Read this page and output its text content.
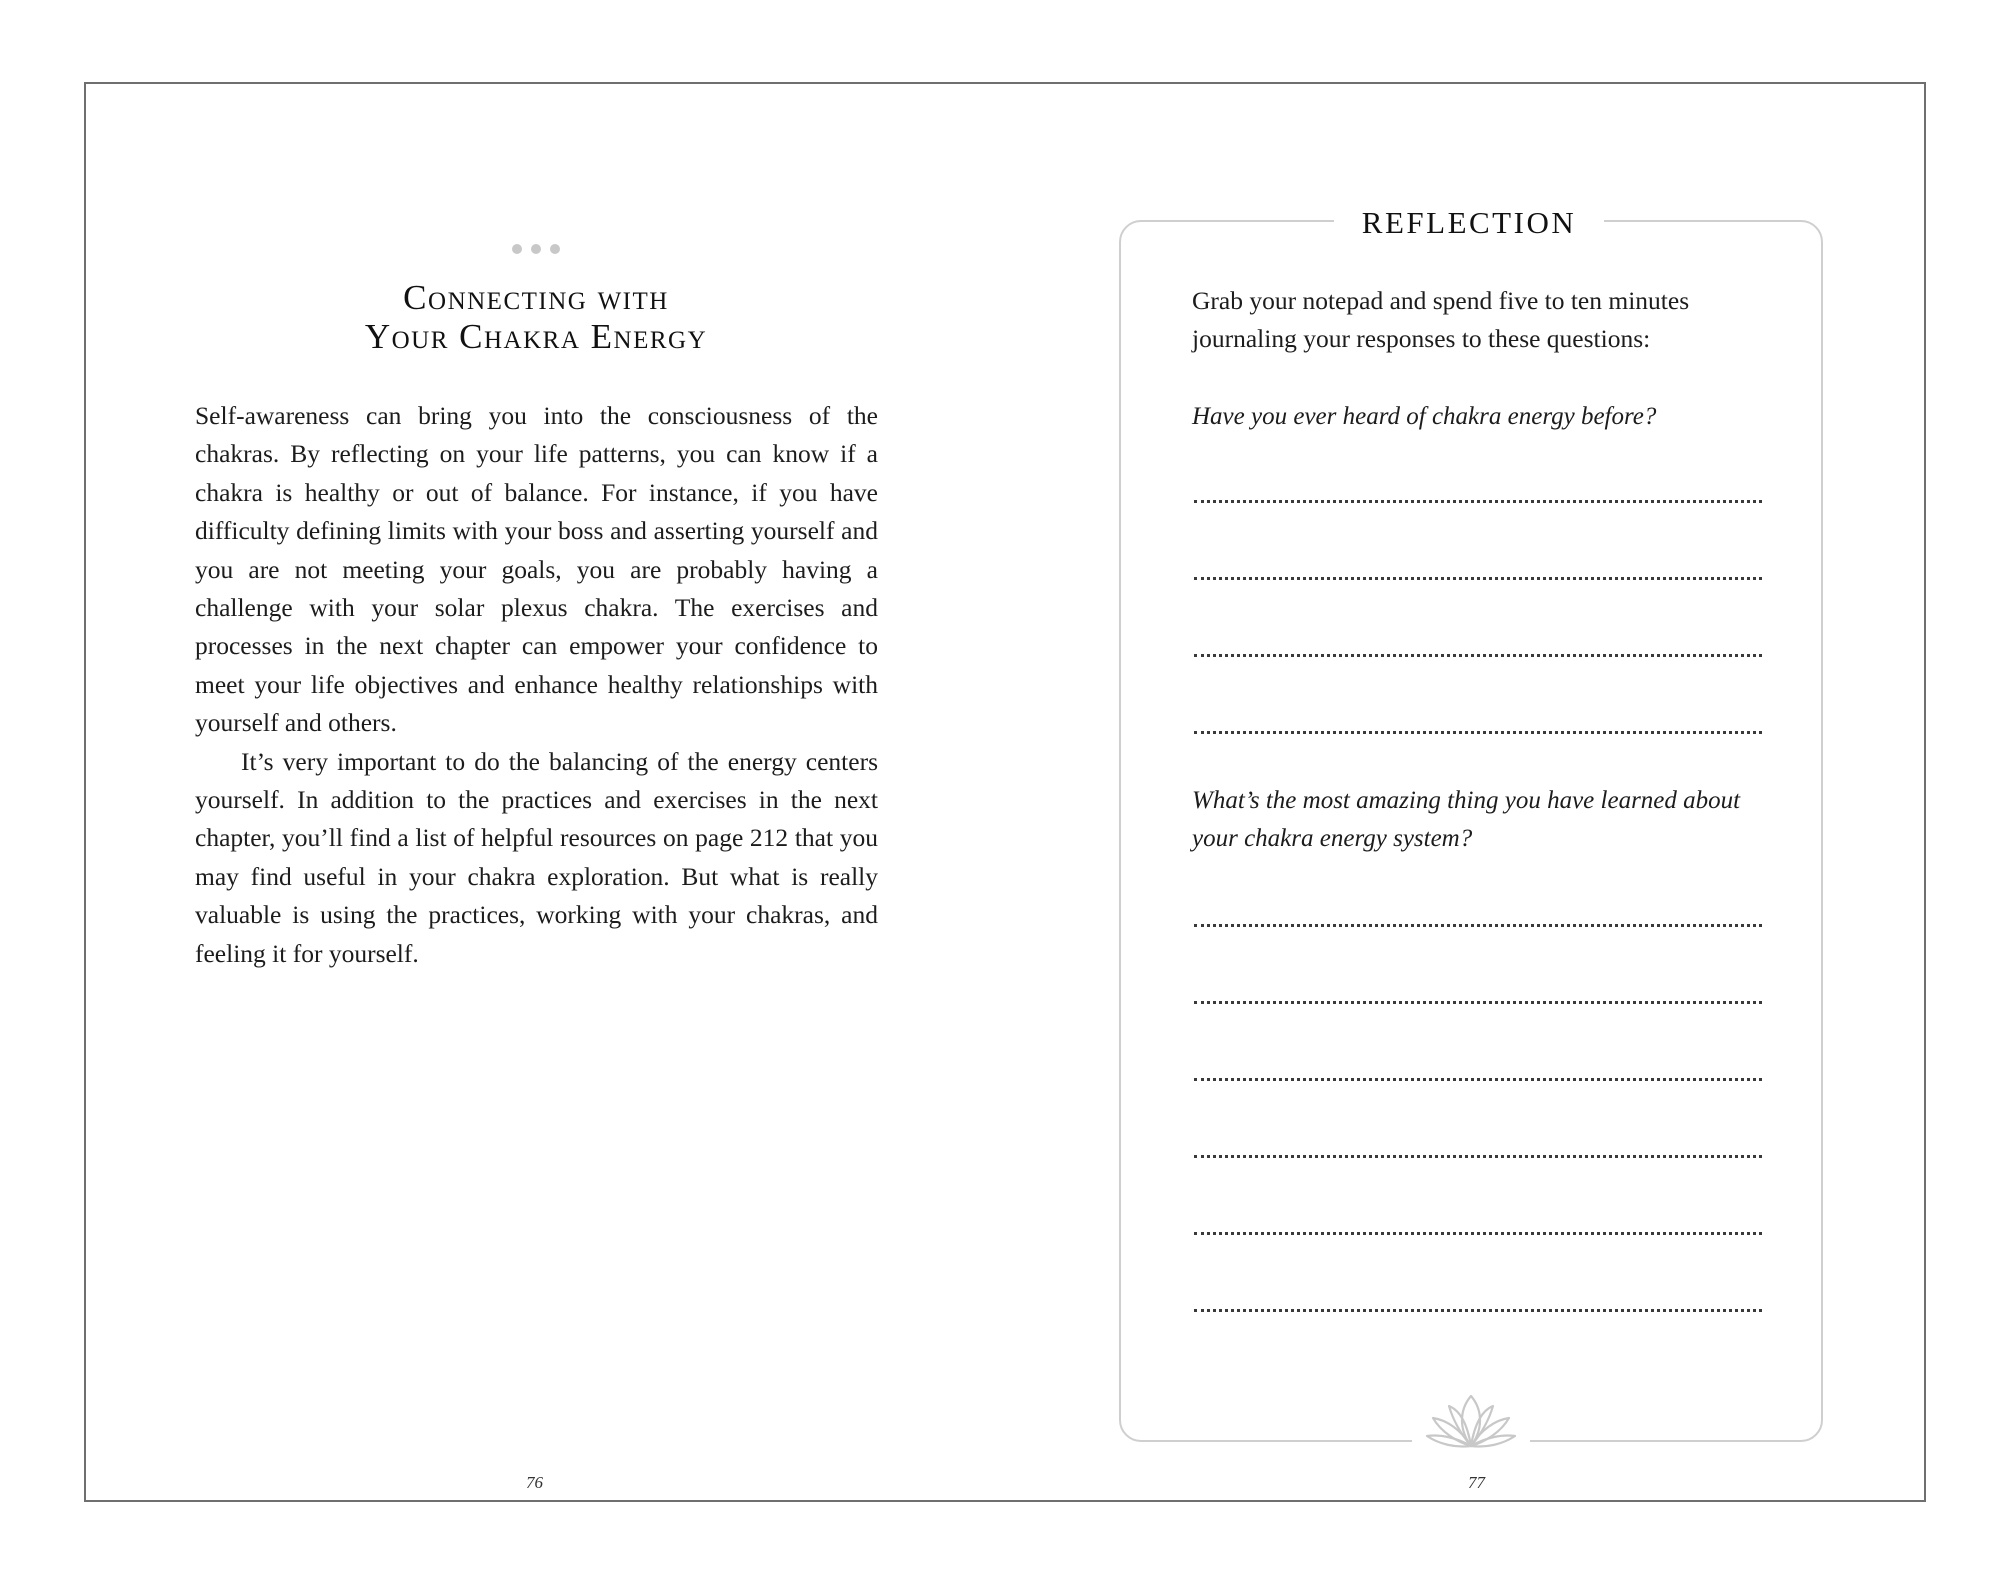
Connecting with
Your Chakra Energy

Self-awareness can bring you into the consciousness of the chakras. By reflecting on your life patterns, you can know if a chakra is healthy or out of balance. For instance, if you have difficulty defining limits with your boss and asserting yourself and you are not meeting your goals, you are probably having a challenge with your solar plexus chakra. The exercises and processes in the next chapter can empower your confidence to meet your life objectives and enhance healthy relationships with yourself and others.

It’s very important to do the balancing of the energy centers yourself. In addition to the practices and exercises in the next chapter, you’ll find a list of helpful resources on page 212 that you may find useful in your chakra exploration. But what is really valuable is using the practices, working with your chakras, and feeling it for yourself.

76
REFLECTION

Grab your notepad and spend five to ten minutes journaling your responses to these questions:

Have you ever heard of chakra energy before?

What’s the most amazing thing you have learned about your chakra energy system?

77
